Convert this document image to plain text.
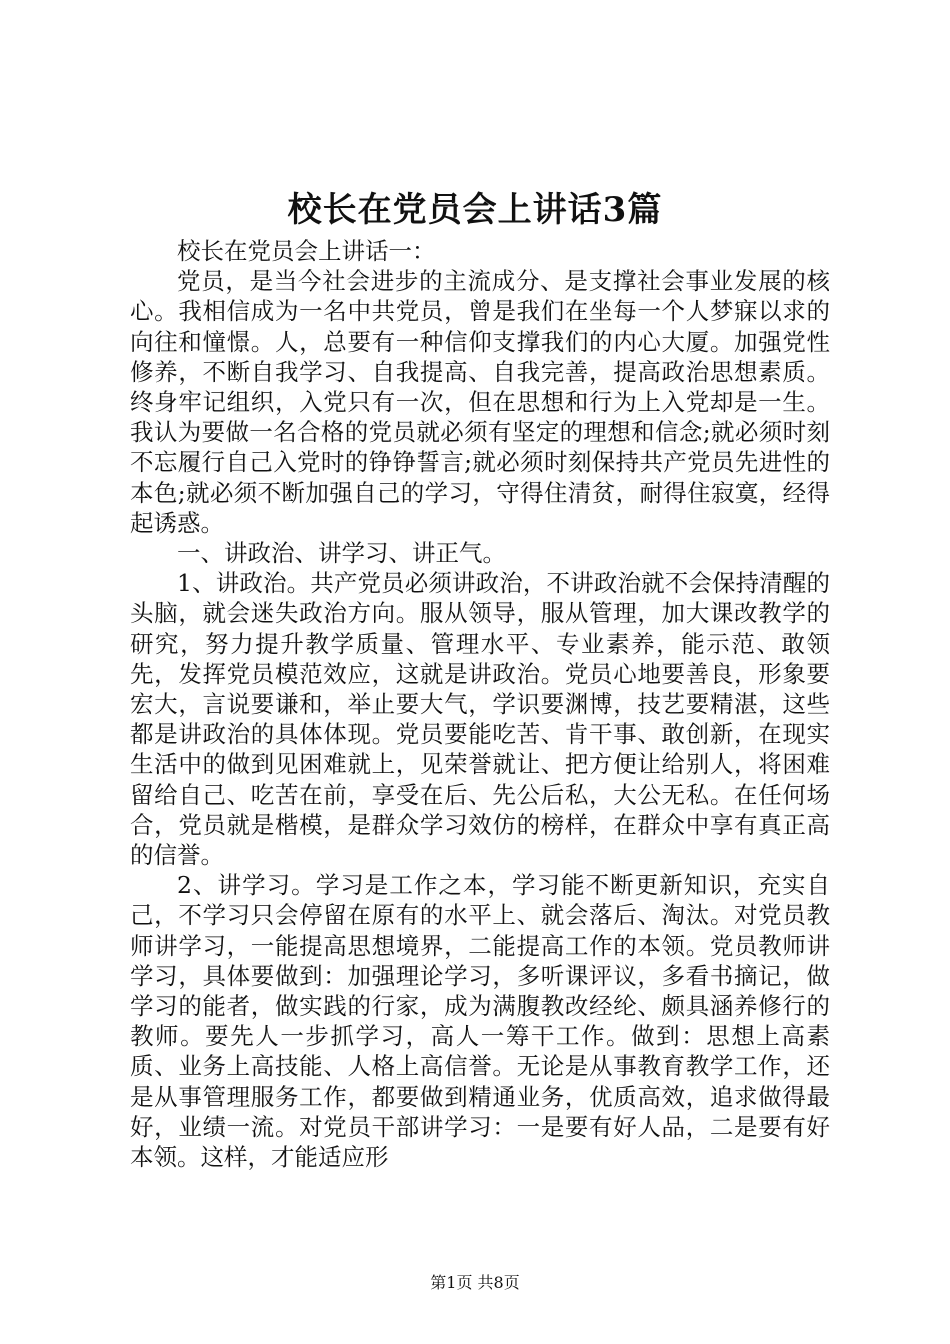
校长在党员会上讲话3篇

校长在党员会上讲话一：

党员，是当今社会进步的主流成分、是支撑社会事业发展的核心。我相信成为一名中共党员，曾是我们在坐每一个人梦寐以求的向往和憧憬。人，总要有一种信仰支撑我们的内心大厦。加强党性修养，不断自我学习、自我提高、自我完善，提高政治思想素质。终身牢记组织，入党只有一次，但在思想和行为上入党却是一生。我认为要做一名合格的党员就必须有坚定的理想和信念;就必须时刻不忘履行自己入党时的铮铮誓言;就必须时刻保持共产党员先进性的本色;就必须不断加强自己的学习，守得住清贫，耐得住寂寞，经得起诱惑。

一、讲政治、讲学习、讲正气。

1、讲政治。共产党员必须讲政治，不讲政治就不会保持清醒的头脑，就会迷失政治方向。服从领导，服从管理，加大课改教学的研究，努力提升教学质量、管理水平、专业素养，能示范、敢领先，发挥党员模范效应，这就是讲政治。党员心地要善良，形象要宏大，言说要谦和，举止要大气，学识要渊博，技艺要精湛，这些都是讲政治的具体体现。党员要能吃苦、肯干事、敢创新，在现实生活中的做到见困难就上，见荣誉就让、把方便让给别人，将困难留给自己、吃苦在前，享受在后、先公后私，大公无私。在任何场合，党员就是楷模，是群众学习效仿的榜样，在群众中享有真正高的信誉。

2、讲学习。学习是工作之本，学习能不断更新知识，充实自己，不学习只会停留在原有的水平上、就会落后、淘汰。对党员教师讲学习，一能提高思想境界，二能提高工作的本领。党员教师讲学习，具体要做到：加强理论学习，多听课评议，多看书摘记，做学习的能者，做实践的行家，成为满腹教改经纶、颇具涵养修行的教师。要先人一步抓学习，高人一筹干工作。做到：思想上高素质、业务上高技能、人格上高信誉。无论是从事教育教学工作，还是从事管理服务工作，都要做到精通业务，优质高效，追求做得最好，业绩一流。对党员干部讲学习：一是要有好人品，二是要有好本领。这样，才能适应形

第1页 共8页
